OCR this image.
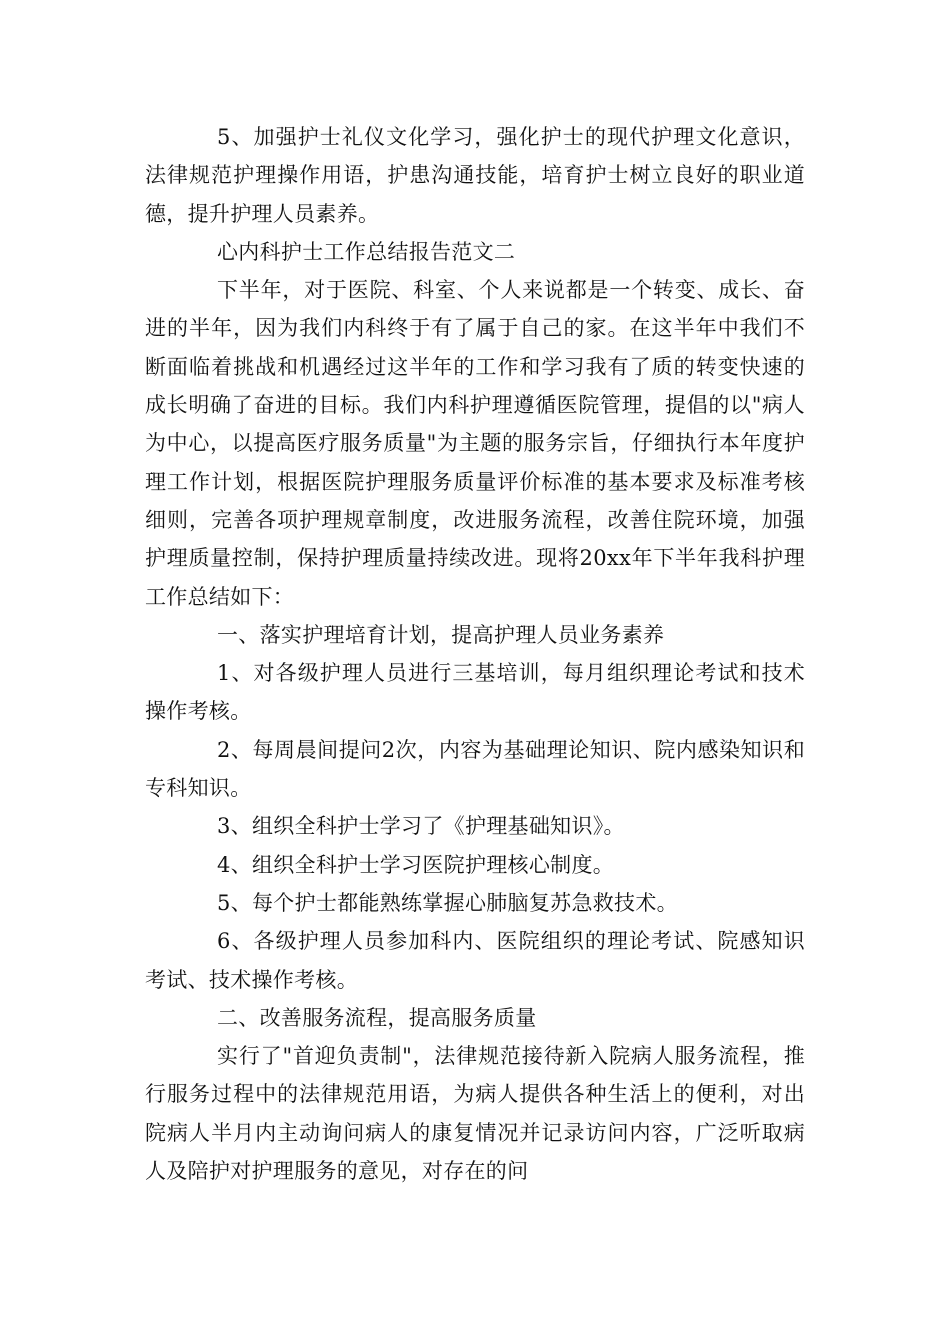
5、加强护士礼仪文化学习，强化护士的现代护理文化意识，法律规范护理操作用语，护患沟通技能，培育护士树立良好的职业道德，提升护理人员素养。

心内科护士工作总结报告范文二

下半年，对于医院、科室、个人来说都是一个转变、成长、奋进的半年，因为我们内科终于有了属于自己的家。在这半年中我们不断面临着挑战和机遇经过这半年的工作和学习我有了质的转变快速的成长明确了奋进的目标。我们内科护理遵循医院管理，提倡的以"病人为中心，以提高医疗服务质量"为主题的服务宗旨，仔细执行本年度护理工作计划，根据医院护理服务质量评价标准的基本要求及标准考核细则，完善各项护理规章制度，改进服务流程，改善住院环境，加强护理质量控制，保持护理质量持续改进。现将20xx年下半年我科护理工作总结如下：

一、落实护理培育计划，提高护理人员业务素养

1、对各级护理人员进行三基培训，每月组织理论考试和技术操作考核。

2、每周晨间提问2次，内容为基础理论知识、院内感染知识和专科知识。

3、组织全科护士学习了《护理基础知识》。

4、组织全科护士学习医院护理核心制度。

5、每个护士都能熟练掌握心肺脑复苏急救技术。

6、各级护理人员参加科内、医院组织的理论考试、院感知识考试、技术操作考核。

二、改善服务流程，提高服务质量

实行了"首迎负责制"，法律规范接待新入院病人服务流程，推行服务过程中的法律规范用语，为病人提供各种生活上的便利，对出院病人半月内主动询问病人的康复情况并记录访问内容，广泛听取病人及陪护对护理服务的意见，对存在的问
